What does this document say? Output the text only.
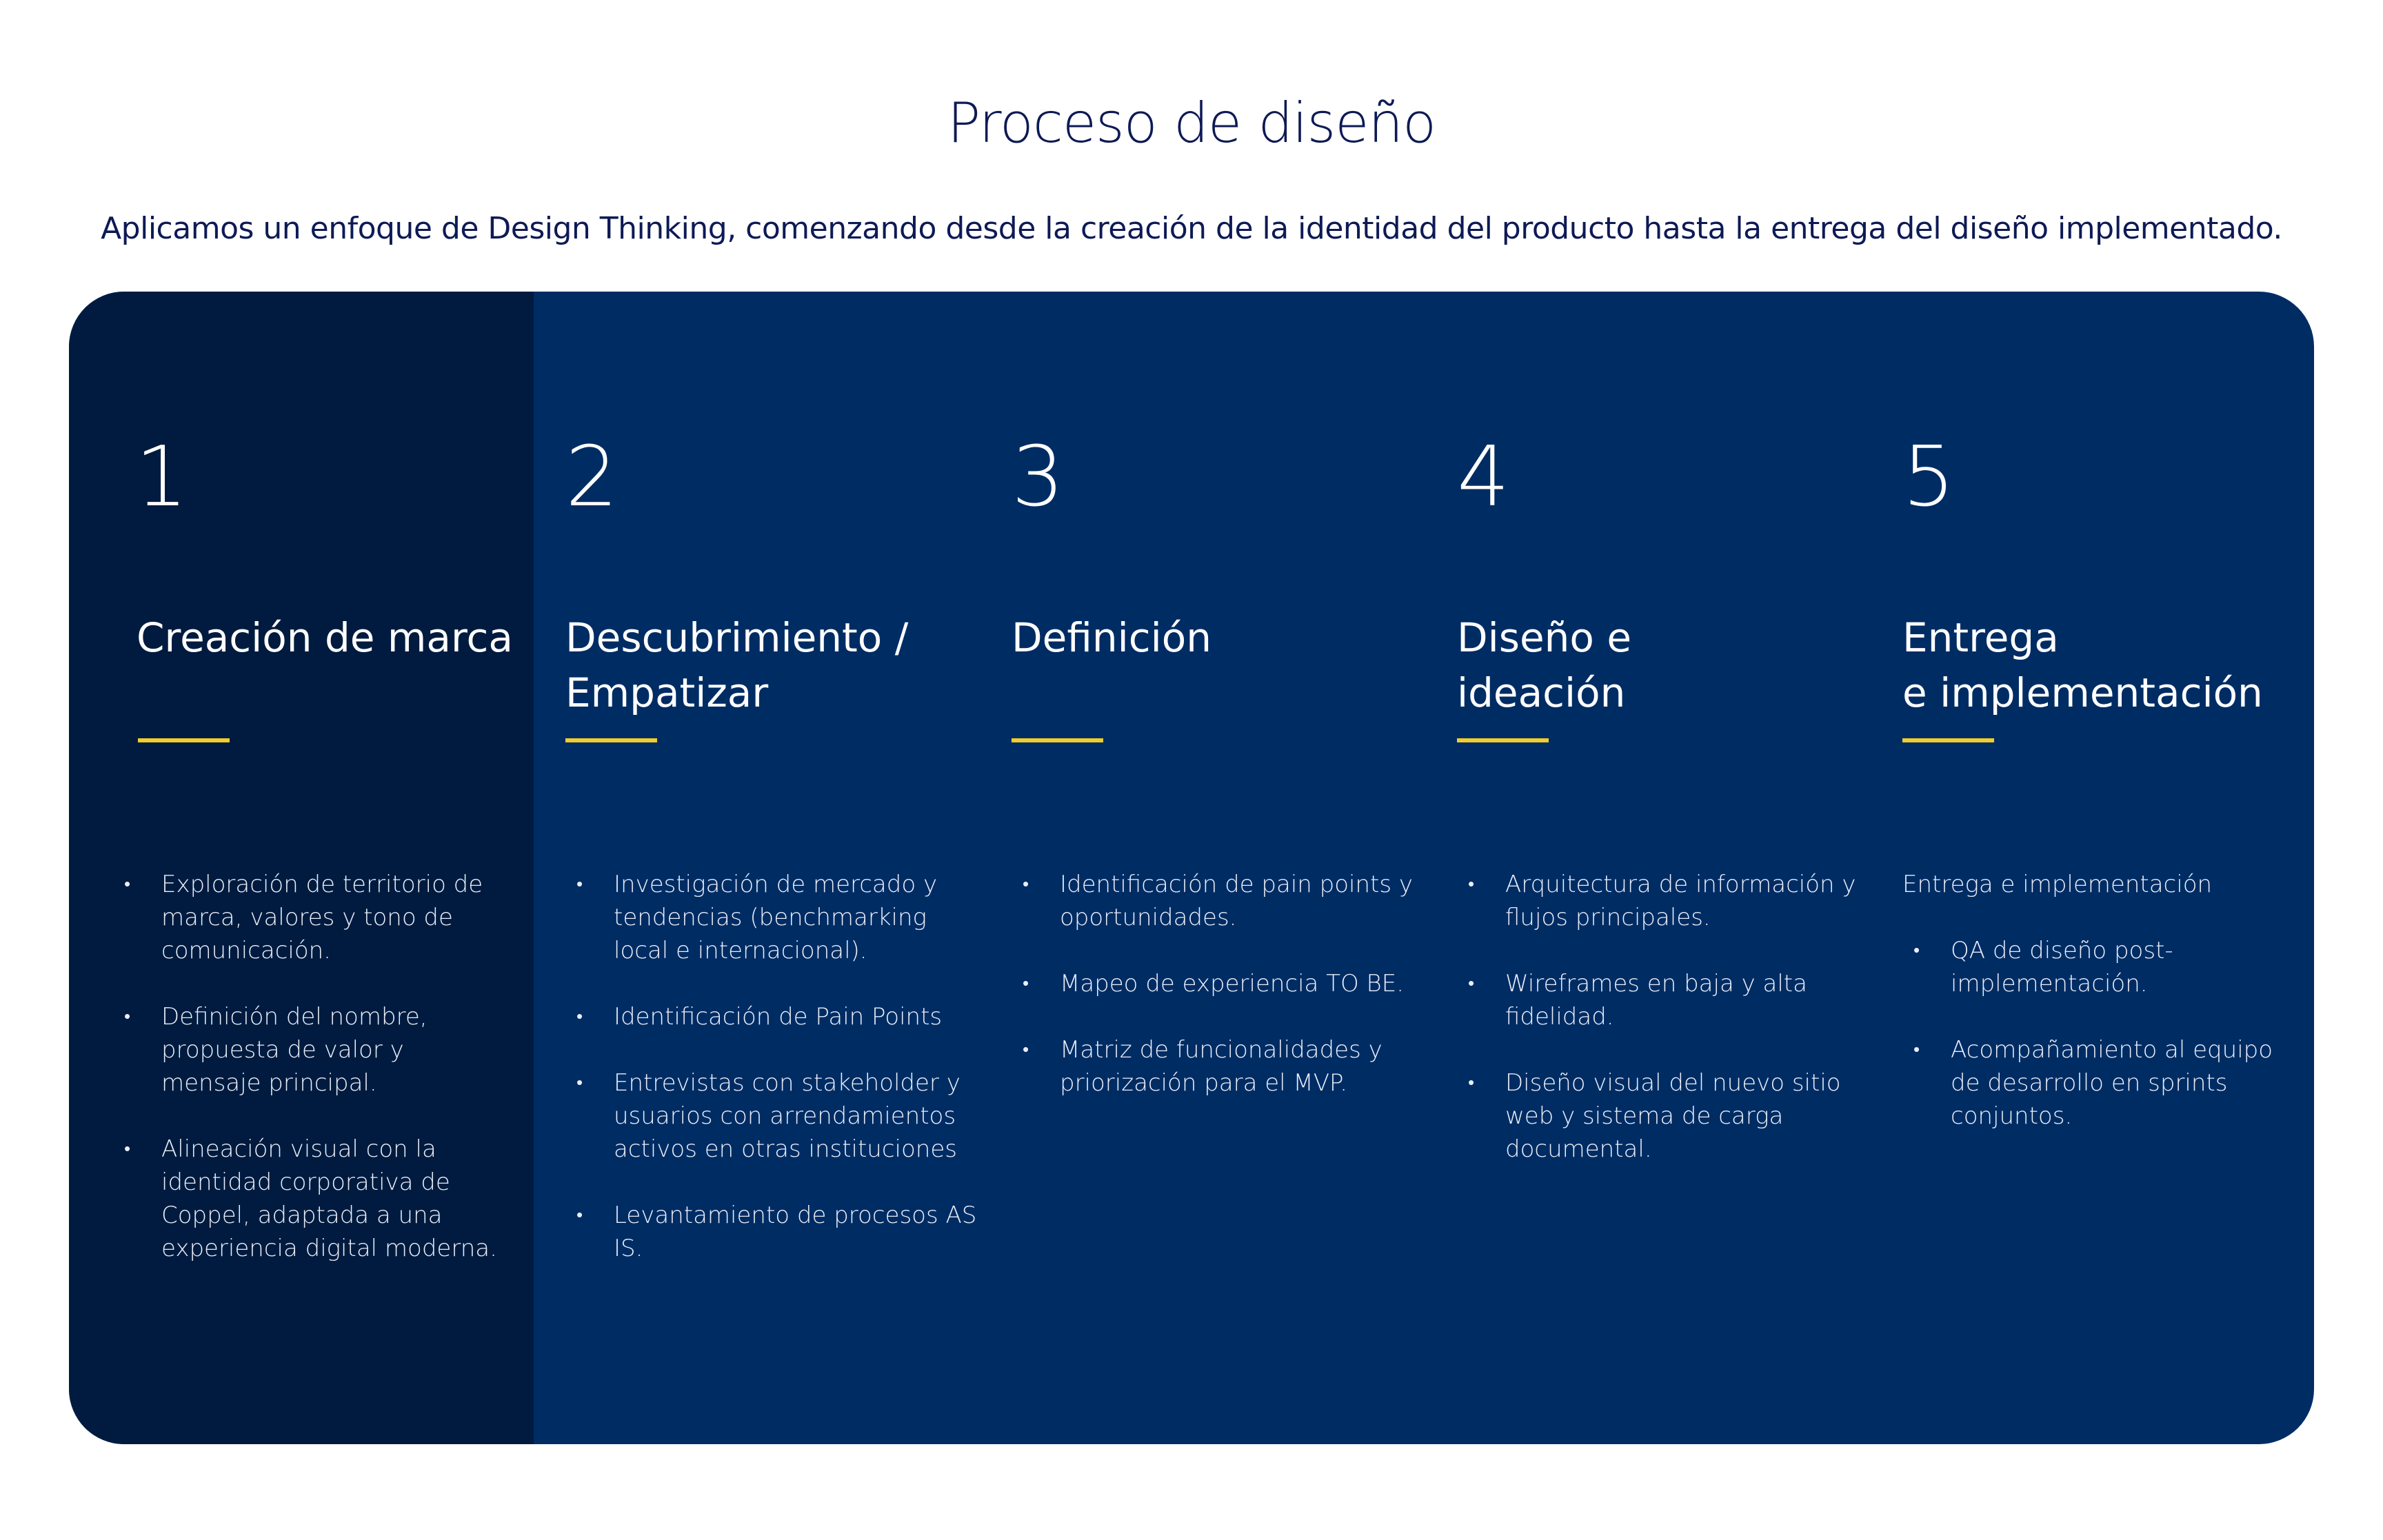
Proceso de diseño

Aplicamos un enfoque de Design Thinking, comenzando desde la creación de la identidad del producto hasta la entrega del diseño implementado.

1
Creación de marca
• Exploración de territorio de marca, valores y tono de comunicación.
• Definición del nombre, propuesta de valor y mensaje principal.
• Alineación visual con la identidad corporativa de Coppel, adaptada a una experiencia digital moderna.
2
Descubrimiento /
Empatizar
• Investigación de mercado y tendencias (benchmarking local e internacional).
• Identificación de Pain Points
• Entrevistas con stakeholder y usuarios con arrendamientos activos en otras instituciones
• Levantamiento de procesos AS IS.
3
Definición
• Identificación de pain points y oportunidades.
• Mapeo de experiencia TO BE.
• Matriz de funcionalidades y priorización para el MVP.
4
Diseño e
ideación
• Arquitectura de información y flujos principales.
• Wireframes en baja y alta fidelidad.
• Diseño visual del nuevo sitio web y sistema de carga documental.
5
Entrega
e implementación
Entrega e implementación
• QA de diseño post-implementación.
• Acompañamiento al equipo de desarrollo en sprints conjuntos.
